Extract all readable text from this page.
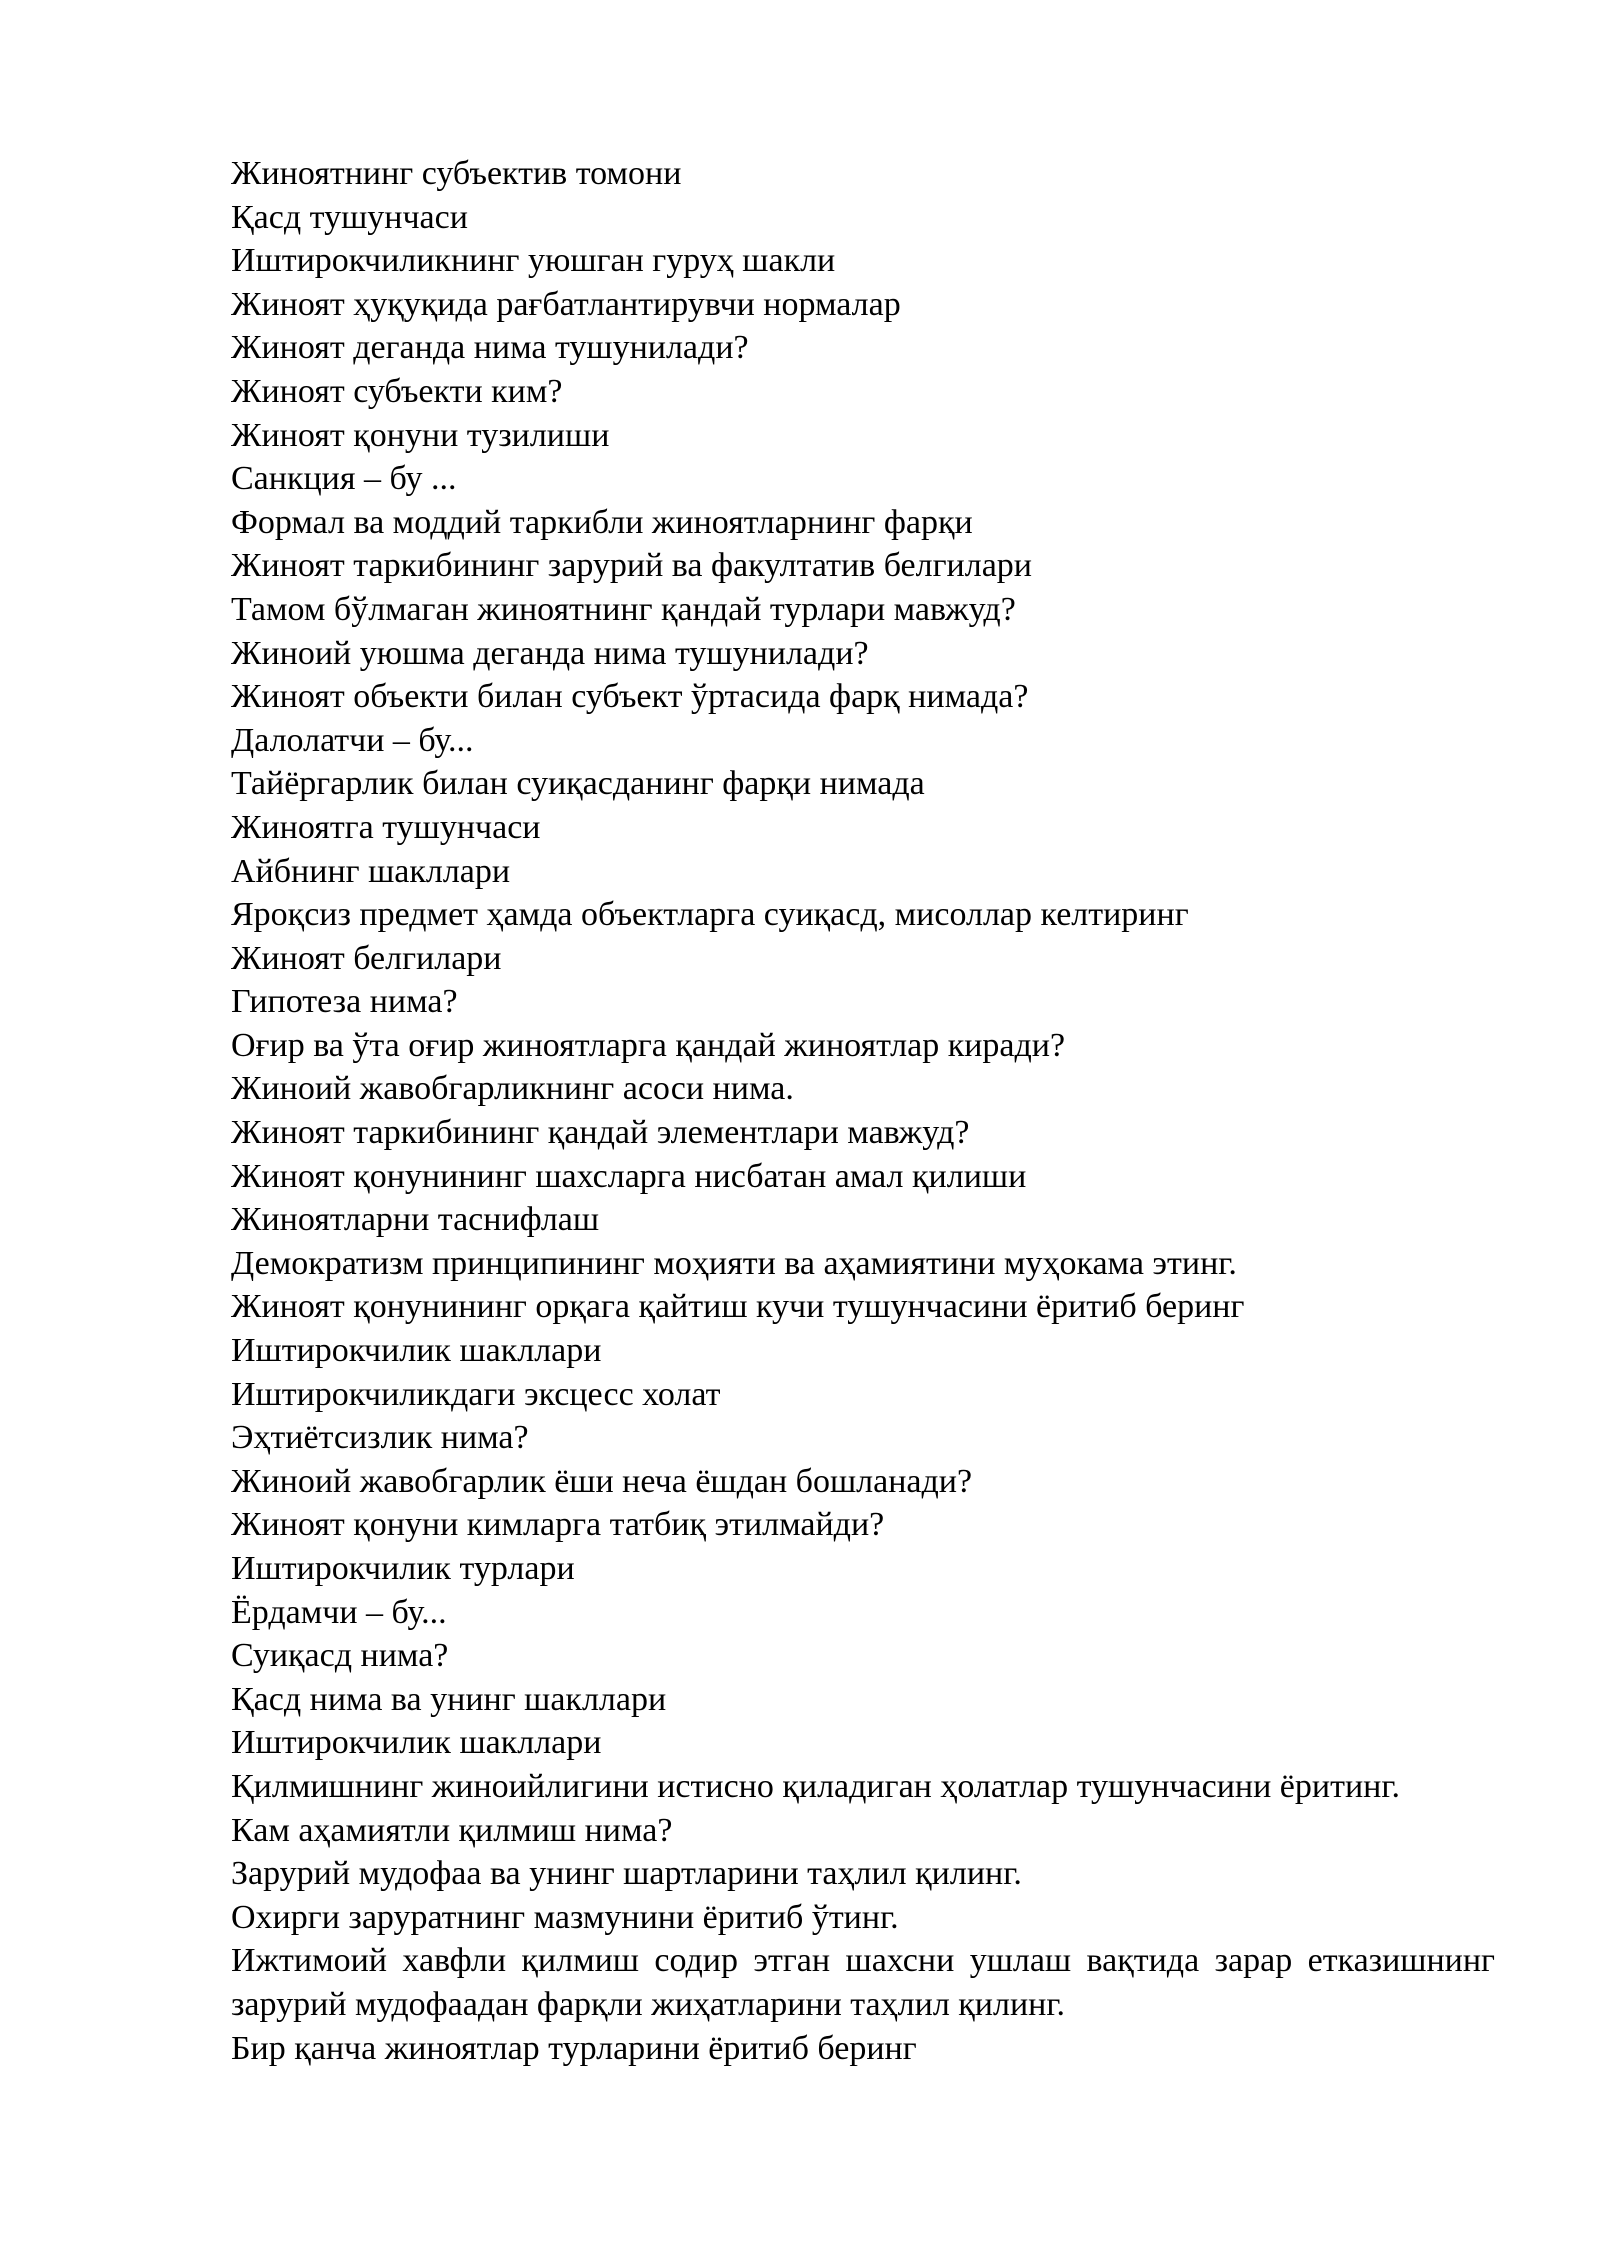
Жиноятнинг субъектив томони

Қасд тушунчаси

Иштирокчиликнинг уюшган гуруҳ шакли

Жиноят ҳуқуқида рағбатлантирувчи нормалар

Жиноят деганда нима тушунилади?

Жиноят субъекти ким?

Жиноят қонуни тузилиши

Санкция – бу ...

Формал ва моддий таркибли жиноятларнинг фарқи

Жиноят таркибининг зарурий ва факултатив белгилари

Тамом бўлмаган жиноятнинг қандай турлари мавжуд?

Жиноий уюшма деганда нима тушунилади?

Жиноят объекти билан субъект ўртасида фарқ нимада?

Далолатчи – бу...

Тайёргарлик билан суиқасданинг фарқи нимада

Жиноятга тушунчаси

Айбнинг шакллари

Яроқсиз предмет ҳамда объектларга суиқасд, мисоллар келтиринг

Жиноят белгилари

Гипотеза нима?

Оғир ва ўта оғир жиноятларга қандай жиноятлар киради?

Жиноий жавобгарликнинг асоси нима.

Жиноят таркибининг қандай элементлари мавжуд?

Жиноят қонунининг шахсларга нисбатан амал қилиши

Жиноятларни таснифлаш

Демократизм принципининг моҳияти ва аҳамиятини муҳокама этинг.

Жиноят қонунининг орқага қайтиш кучи тушунчасини ёритиб беринг

Иштирокчилик шакллари

Иштирокчиликдаги эксцесс холат

Эҳтиётсизлик нима?

Жиноий жавобгарлик ёши неча ёшдан бошланади?

Жиноят қонуни кимларга татбиқ этилмайди?

Иштирокчилик турлари

Ёрдамчи – бу...

Суиқасд нима?

Қасд нима ва унинг шакллари

Иштирокчилик шакллари

Қилмишнинг жиноийлигини истисно қиладиган ҳолатлар тушунчасини ёритинг.

Кам аҳамиятли қилмиш нима?

Зарурий мудофаа ва унинг шартларини таҳлил қилинг.

Охирги заруратнинг мазмунини ёритиб ўтинг.

Ижтимоий хавфли қилмиш содир этган шахсни ушлаш вақтида зарар етказишнинг зарурий мудофаадан фарқли жиҳатларини таҳлил қилинг.

Бир қанча жиноятлар турларини ёритиб беринг
